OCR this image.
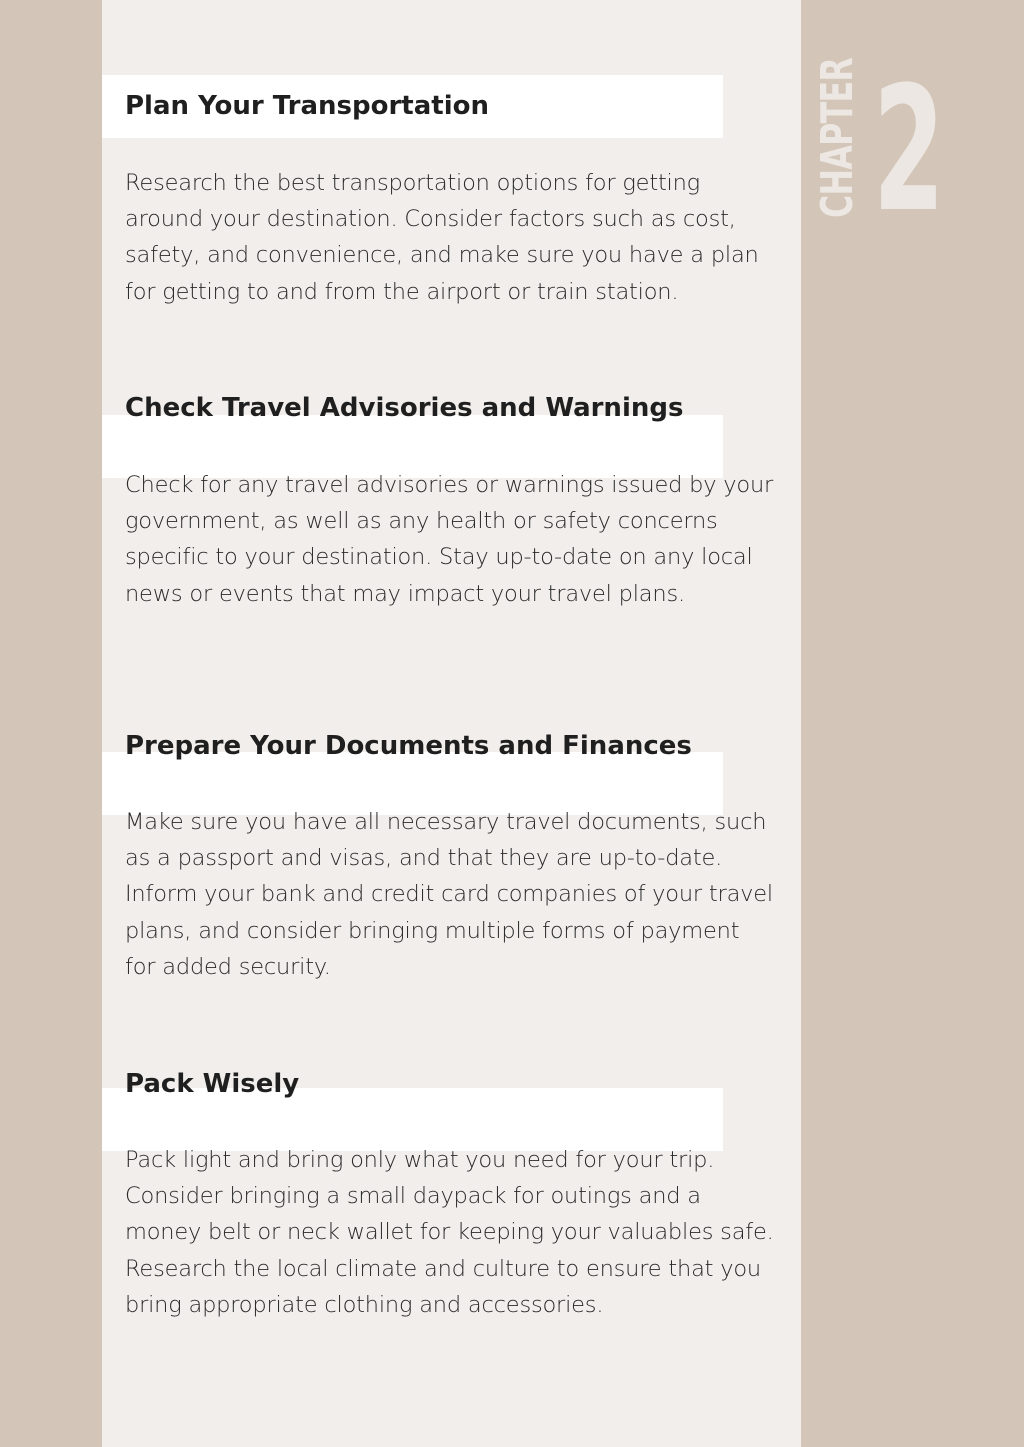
Plan Your Transportation

Research the best transportation options for getting around your destination. Consider factors such as cost, safety, and convenience, and make sure you have a plan for getting to and from the airport or train station.

Check Travel Advisories and Warnings

Check for any travel advisories or warnings issued by your government, as well as any health or safety concerns specific to your destination. Stay up-to-date on any local news or events that may impact your travel plans.

Prepare Your Documents and Finances

Make sure you have all necessary travel documents, such as a passport and visas, and that they are up-to-date. Inform your bank and credit card companies of your travel plans, and consider bringing multiple forms of payment for added security.

Pack Wisely

Pack light and bring only what you need for your trip. Consider bringing a small daypack for outings and a money belt or neck wallet for keeping your valuables safe. Research the local climate and culture to ensure that you bring appropriate clothing and accessories.

CHAPTER 2
